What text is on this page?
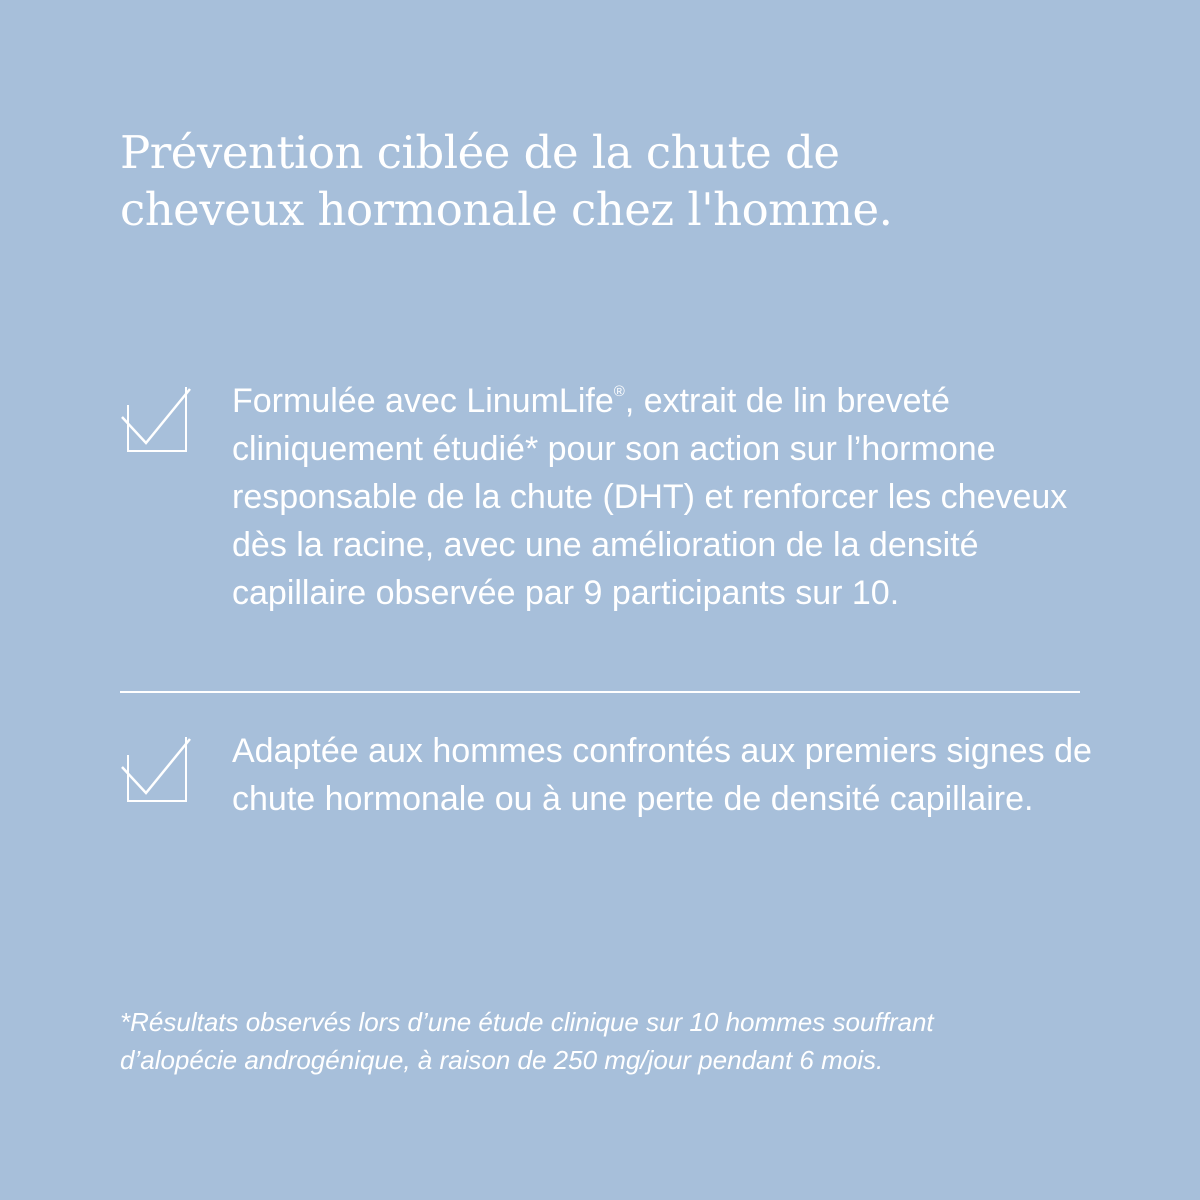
Prévention ciblée de la chute de
cheveux hormonale chez l'homme.

Formulée avec LinumLife®, extrait de lin breveté cliniquement étudié* pour son action sur l’hormone responsable de la chute (DHT) et renforcer les cheveux dès la racine, avec une amélioration de la densité capillaire observée par 9 participants sur 10.

Adaptée aux hommes confrontés aux premiers signes de chute hormonale ou à une perte de densité capillaire.

*Résultats observés lors d’une étude clinique sur 10 hommes souffrant d’alopécie androgénique, à raison de 250 mg/jour pendant 6 mois.
